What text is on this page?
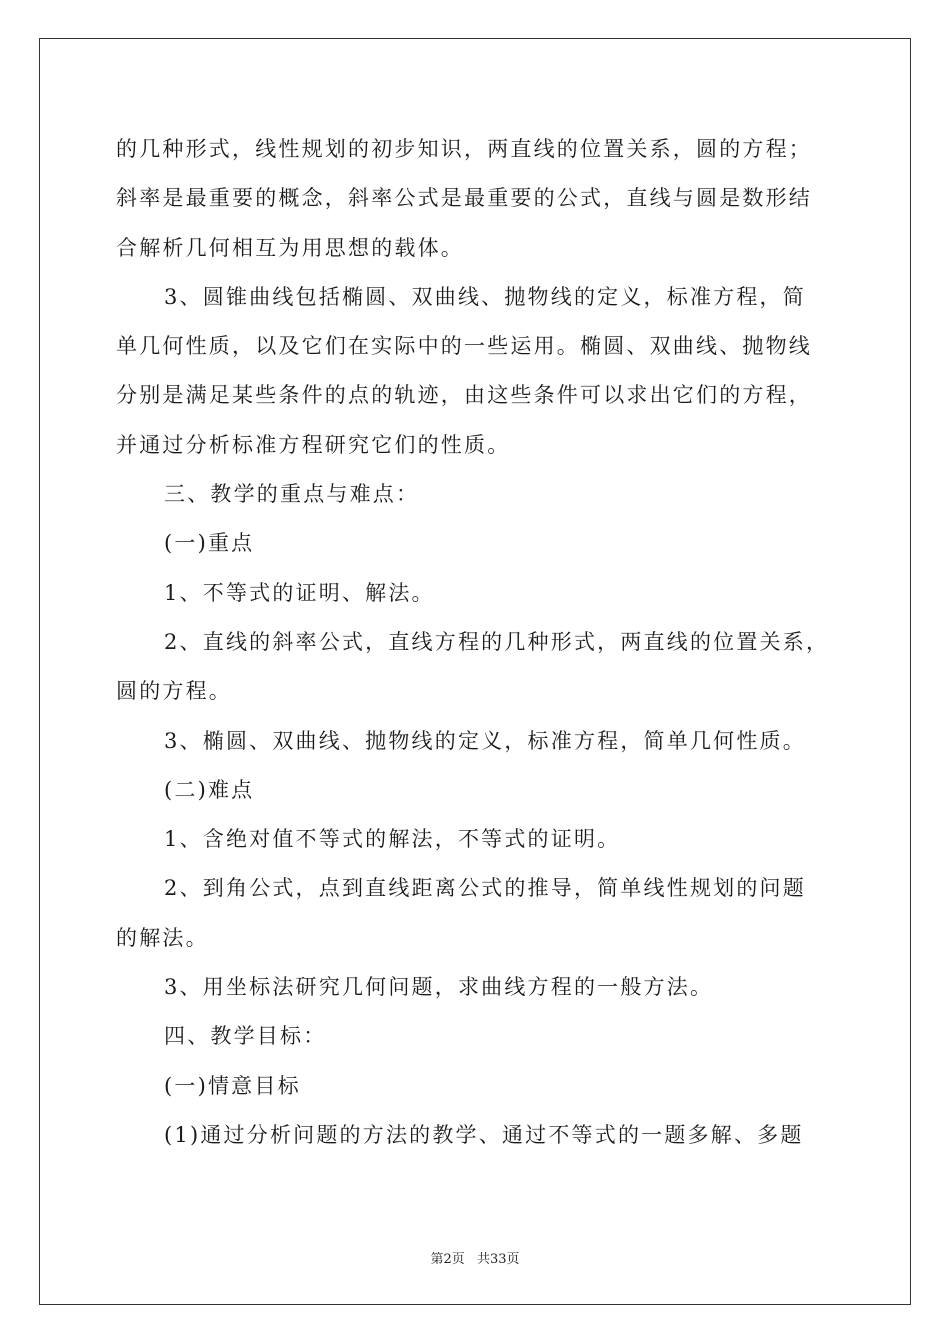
的几种形式，线性规划的初步知识，两直线的位置关系，圆的方程；
斜率是最重要的概念，斜率公式是最重要的公式，直线与圆是数形结
合解析几何相互为用思想的载体。
3、圆锥曲线包括椭圆、双曲线、抛物线的定义，标准方程，简
单几何性质，以及它们在实际中的一些运用。椭圆、双曲线、抛物线
分别是满足某些条件的点的轨迹，由这些条件可以求出它们的方程，
并通过分析标准方程研究它们的性质。
三、教学的重点与难点：
(一)重点
1、不等式的证明、解法。
2、直线的斜率公式，直线方程的几种形式，两直线的位置关系，
圆的方程。
3、椭圆、双曲线、抛物线的定义，标准方程，简单几何性质。
(二)难点
1、含绝对值不等式的解法，不等式的证明。
2、到角公式，点到直线距离公式的推导，简单线性规划的问题
的解法。
3、用坐标法研究几何问题，求曲线方程的一般方法。
四、教学目标：
(一)情意目标
(1)通过分析问题的方法的教学、通过不等式的一题多解、多题
第2页 共33页
